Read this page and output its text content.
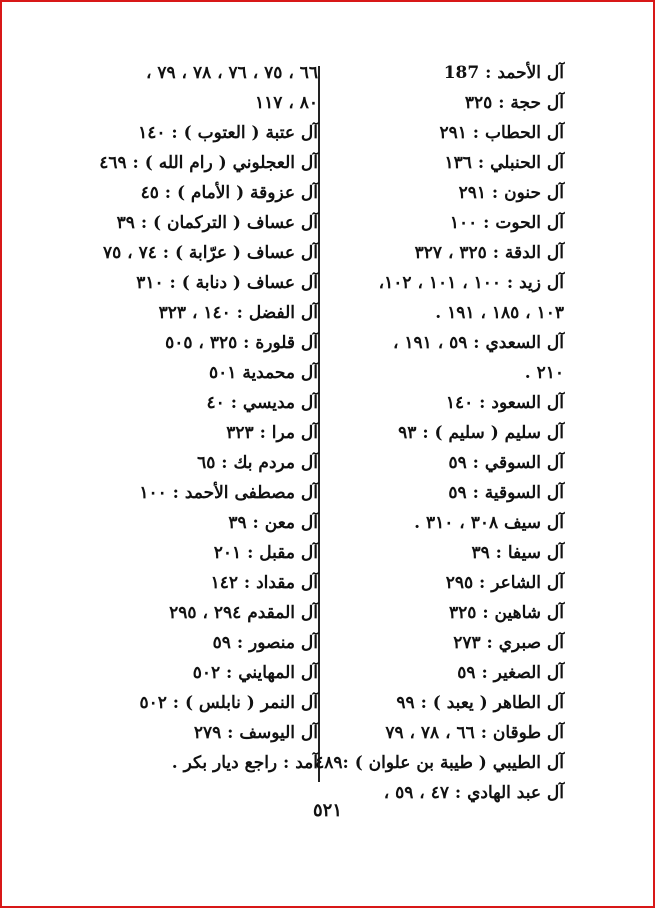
آل الأحمد : 187
آل حجة : ٣٢٥
آل الحطاب : ٢٩١
آل الحنبلي : ١٣٦
آل حنون : ٢٩١
آل الحوت : ١٠٠
آل الدقة : ٣٢٥ ، ٣٢٧
آل زيد : ١٠٠ ، ١٠١ ، ١٠٢،
١٠٣ ، ١٨٥ ، ١٩١ .
آل السعدي : ٥٩ ، ١٩١ ،
٢١٠ .
آل السعود : ١٤٠
آل سليم ( سليم ) : ٩٣
آل السوقي : ٥٩
آل السوقية : ٥٩
آل سيف ٣٠٨ ، ٣١٠ .
آل سيفا : ٣٩
آل الشاعر : ٢٩٥
آل شاهين : ٣٢٥
آل صبري : ٢٧٣
آل الصغير : ٥٩
آل الطاهر ( يعبد ) : ٩٩
آل طوقان : ٦٦ ، ٧٨ ، ٧٩
آل الطيبي ( طيبة بن علوان ) :٤٨٩
آل عبد الهادي : ٤٧ ، ٥٩ ،
٦٦ ، ٧٥ ، ٧٦ ، ٧٨ ، ٧٩ ،
٨٠ ، ١١٧
آل عتبة ( العتوب ) : ١٤٠
آل العجلوني ( رام الله ) : ٤٦٩
آل عزوقة ( الأمام ) : ٤٥
آل عساف ( التركمان ) : ٣٩
آل عساف ( عرّابة ) : ٧٤ ، ٧٥
آل عساف ( دنابة ) : ٣١٠
آل الفضل : ١٤٠ ، ٣٢٣
آل قلورة : ٣٢٥ ، ٥٠٥
آل محمدية ٥٠١
آل مديسي : ٤٠
آل مرا : ٣٢٣
آل مردم بك : ٦٥
آل مصطفى الأحمد : ١٠٠
آل معن : ٣٩
آل مقبل : ٢٠١
آل مقداد : ١٤٢
آل المقدم ٢٩٤ ، ٢٩٥
آل منصور : ٥٩
آل المهايني : ٥٠٢
آل النمر ( نابلس ) : ٥٠٢
آل اليوسف : ٢٧٩
آمد : راجع ديار بكر .
٥٢١
